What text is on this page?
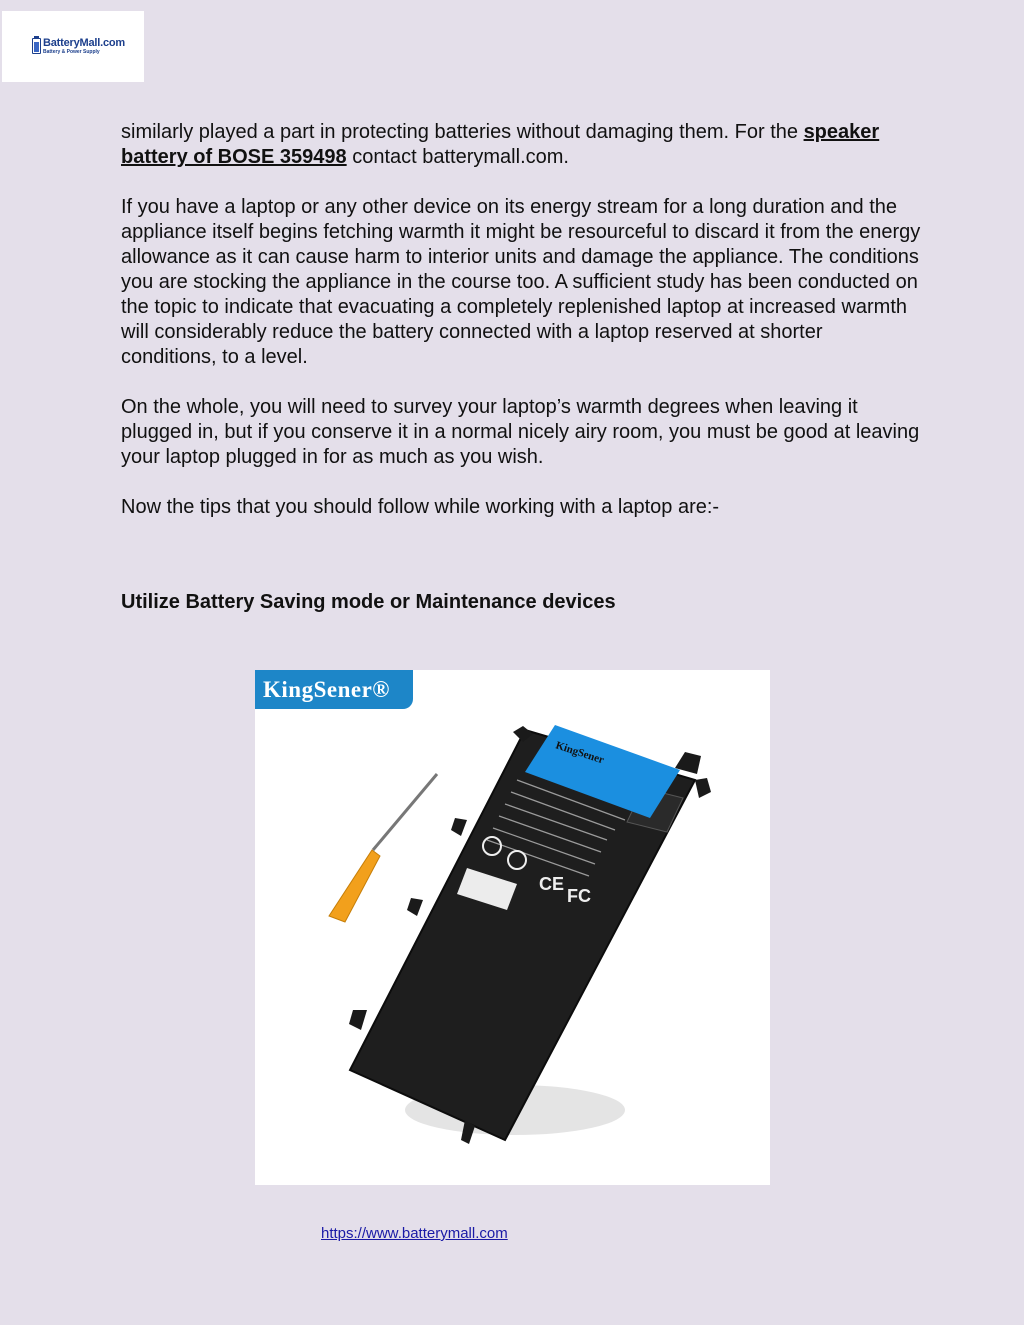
BatteryMall.com
Battery & Power Supply

similarly played a part in protecting batteries without damaging them. For the speaker battery of BOSE 359498 contact batterymall.com.

If you have a laptop or any other device on its energy stream for a long duration and the appliance itself begins fetching warmth it might be resourceful to discard it from the energy allowance as it can cause harm to interior units and damage the appliance. The conditions you are stocking the appliance in the course too. A sufficient study has been conducted on the topic to indicate that evacuating a completely replenished laptop at increased warmth will considerably reduce the battery connected with a laptop reserved at shorter conditions, to a level.

On the whole, you will need to survey your laptop’s warmth degrees when leaving it plugged in, but if you conserve it in a normal nicely airy room, you must be good at leaving your laptop plugged in for as much as you wish.

Now the tips that you should follow while working with a laptop are:-

Utilize Battery Saving mode or Maintenance devices
KingSener
CE
FC
KingSener®
https://www.batterymall.com
